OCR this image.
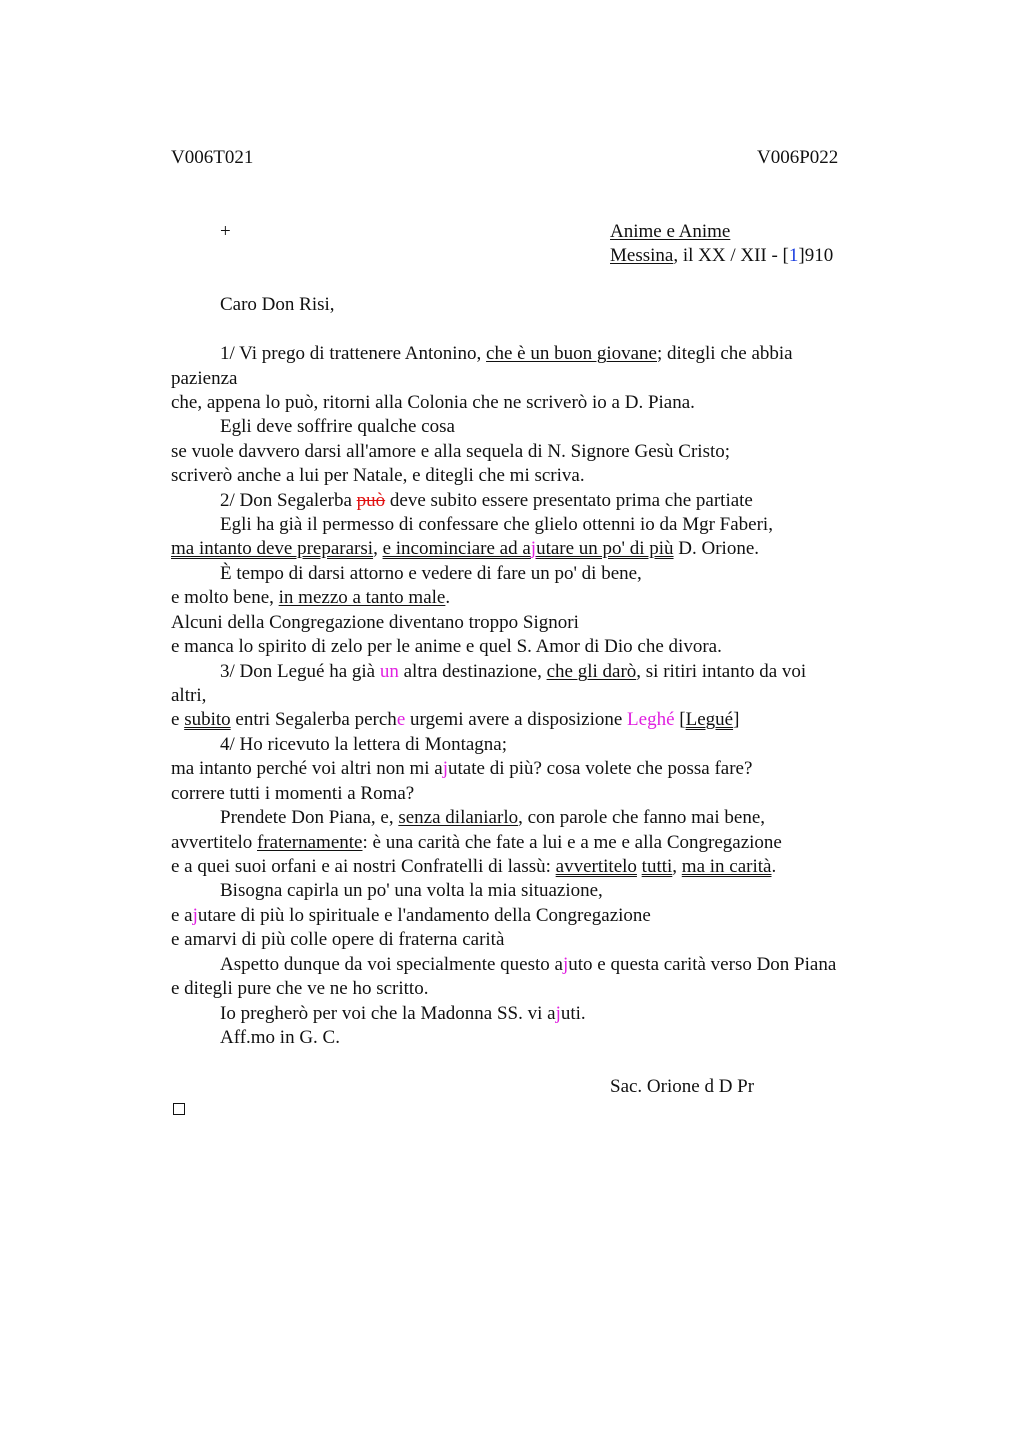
V006T021	V006P022
+	Anime e Anime
Messina, il XX / XII - [1]910
Caro Don Risi,
1/ Vi prego di trattenere Antonino, che è un buon giovane; ditegli che abbia
pazienza
che, appena lo può, ritorni alla Colonia che ne scriverò io a D. Piana.
Egli deve soffrire qualche cosa
se vuole davvero darsi all'amore e alla sequela di N. Signore Gesù Cristo;
scriverò anche a lui per Natale, e ditegli che mi scriva.
2/ Don Segalerba può deve subito essere presentato prima che partiate
Egli ha già il permesso di confessare che glielo ottenni io da Mgr Faberi,
ma intanto deve prepararsi, e incominciare ad ajutare un po' di più D. Orione.
È tempo di darsi attorno e vedere di fare un po' di bene,
e molto bene, in mezzo a tanto male.
Alcuni della Congregazione diventano troppo Signori
e manca lo spirito di zelo per le anime e quel S. Amor di Dio che divora.
3/ Don Legué ha già un altra destinazione, che gli darò, si ritiri intanto da voi
altri,
e subito entri Segalerba perche urgemi avere a disposizione Leghé [Legué]
4/ Ho ricevuto la lettera di Montagna;
ma intanto perché voi altri non mi ajutate di più? cosa volete che possa fare?
correre tutti i momenti a Roma?
Prendete Don Piana, e, senza dilaniarlo, con parole che fanno mai bene,
avvertitelo fraternamente: è una carità che fate a lui e a me e alla Congregazione
e a quei suoi orfani e ai nostri Confratelli di lassù: avvertitelo tutti, ma in carità.
Bisogna capirla un po' una volta la mia situazione,
e ajutare di più lo spirituale e l'andamento della Congregazione
e amarvi di più colle opere di fraterna carità
Aspetto dunque da voi specialmente questo ajuto e questa carità verso Don Piana
e ditegli pure che ve ne ho scritto.
Io pregherò per voi che la Madonna SS. vi ajuti.
Aff.mo in G. C.
Sac. Orione d D Pr
